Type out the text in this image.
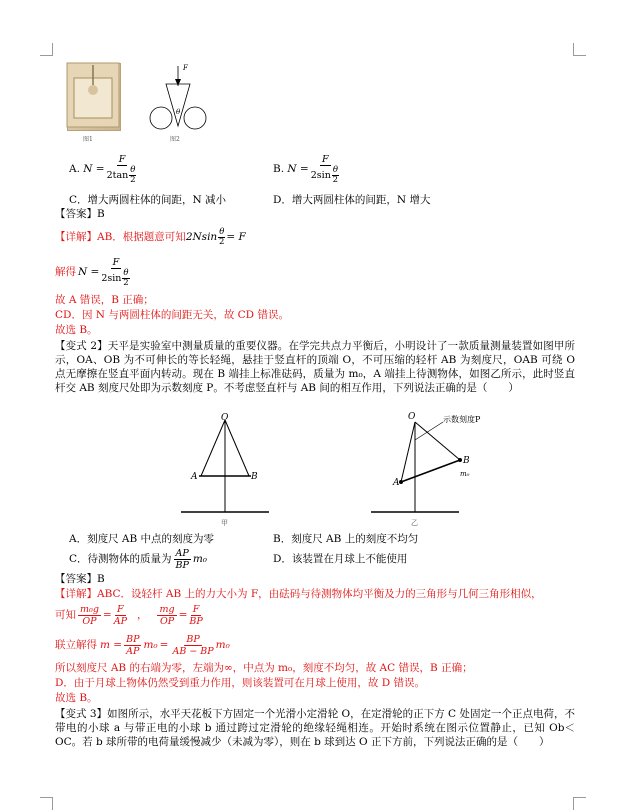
图1
F
θ
图2
A.
N = F
2tan θ
2	B.
N = F
2sin θ
2
C．增大两圆柱体的间距，N 减小	D．增大两圆柱体的间距，N 增大
【答案】B
【详解】AB．根据题意可知 $2Nsin \frac{\theta}{2} = F$
解得 N = F
2sin θ
2
故 A 错误，B 正确；
CD．因 N 与两圆柱体的间距无关，故 CD 错误。
故选 B。
【变式 2】天平是实验室中测量质量的重要仪器。在学完共点力平衡后，小明设计了一款质量测量装置如图甲所示，OA、OB 为不可伸长的等长轻绳，悬挂于竖直杆的顶端 O，不可压缩的轻杆 AB 为刻度尺，OAB 可绕 O 点无摩擦在竖直平面内转动。现在 B 端挂上标准砝码，质量为 m₀，A 端挂上待测物体，如图乙所示，此时竖直杆交 AB 刻度尺处即为示数刻度 P。不考虑竖直杆与 AB 间的相互作用，下列说法正确的是（　　）
O
A	B
甲
O	示数刻度P
B
m₀
A
乙
A．刻度尺 AB 中点的刻度为零	B．刻度尺 AB 上的刻度不均匀
C．待测物体的质量为 $\frac{AP}{BP} m_0$	D．该装置在月球上不能使用
【答案】B
【详解】ABC．设轻杆 AB 上的力大小为 F，由砝码与待测物体均平衡及力的三角形与几何三角形相似，
可知 $\frac{\text{m₀g}}{OP} = \frac{F}{AP}$ ， $\frac{mg}{OP} = \frac{F}{BP}$
联立解得 $m = \frac{BP}{AP} m_0 = \frac{BP}{AB - BP} m_0$
所以刻度尺 AB 的右端为零，左端为∞，中点为 m₀，刻度不均匀，故 AC 错误，B 正确；
D．由于月球上物体仍然受到重力作用，则该装置可在月球上使用，故 D 错误。
故选 B。
【变式 3】如图所示，水平天花板下方固定一个光滑小定滑轮 O，在定滑轮的正下方 C 处固定一个正点电荷，不带电的小球 a 与带正电的小球 b 通过跨过定滑轮的绝缘轻绳相连。开始时系统在图示位置静止，已知 Ob＜OC。若 b 球所带的电荷量缓慢减少（未减为零），则在 b 球到达 O 正下方前，下列说法正确的是（　　）
